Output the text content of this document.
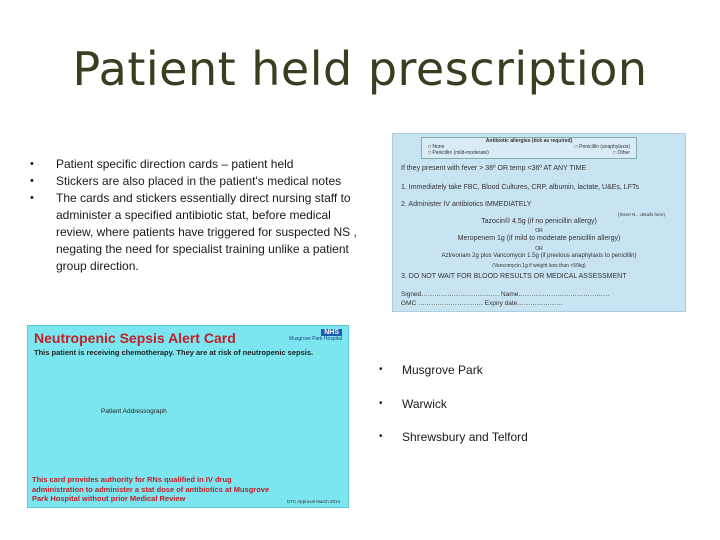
Patient held prescription
• Patient specific direction cards – patient held
• Stickers are also placed in the patient's medical notes
• The cards and stickers essentially direct nursing staff to administer a specified antibiotic stat, before medical review, where patients have triggered for suspected NS , negating the need for specialist training unlike a patient group direction.
Antibiotic allergies (tick as required)
□ None	□ Penicillin (anaphylaxis)
□ Penicillin (mild-moderate)	□ Other
If they present with fever > 38º OR temp <36º AT ANY TIME
1. Immediately take FBC, Blood Cultures, CRP, albumin, lactate, U&Es, LFTs
2. Administer IV antibiotics IMMEDIATELY
Tazocin® 4.5g (if no penicillin allergy)
OR
Meropenem 1g (if mild to moderate penicillin allergy)
OR
Aztreonam 2g plus Vancomycin 1.5g (if previous anaphylaxis to penicillin)
(Vancomycin 1g if weight less than <50kg)
(Insert N... details here)
3. DO NOT WAIT FOR BLOOD RESULTS OR MEDICAL ASSESSMENT
Signed……………………………… Name……………………………………
GMC ………………………… Expiry date…………………
Neutropenic Sepsis Alert Card	NHS
Musgrove Park Hospital
This patient is receiving chemotherapy. They are at risk of neutropenic sepsis.
Patient Addressograph
This card provides authority for RNs qualified in IV drug administration to administer a stat dose of antibiotics at Musgrove Park Hospital without prior Medical Review	DTC Approval March 2014
• Musgrove Park
• Warwick
• Shrewsbury and Telford
